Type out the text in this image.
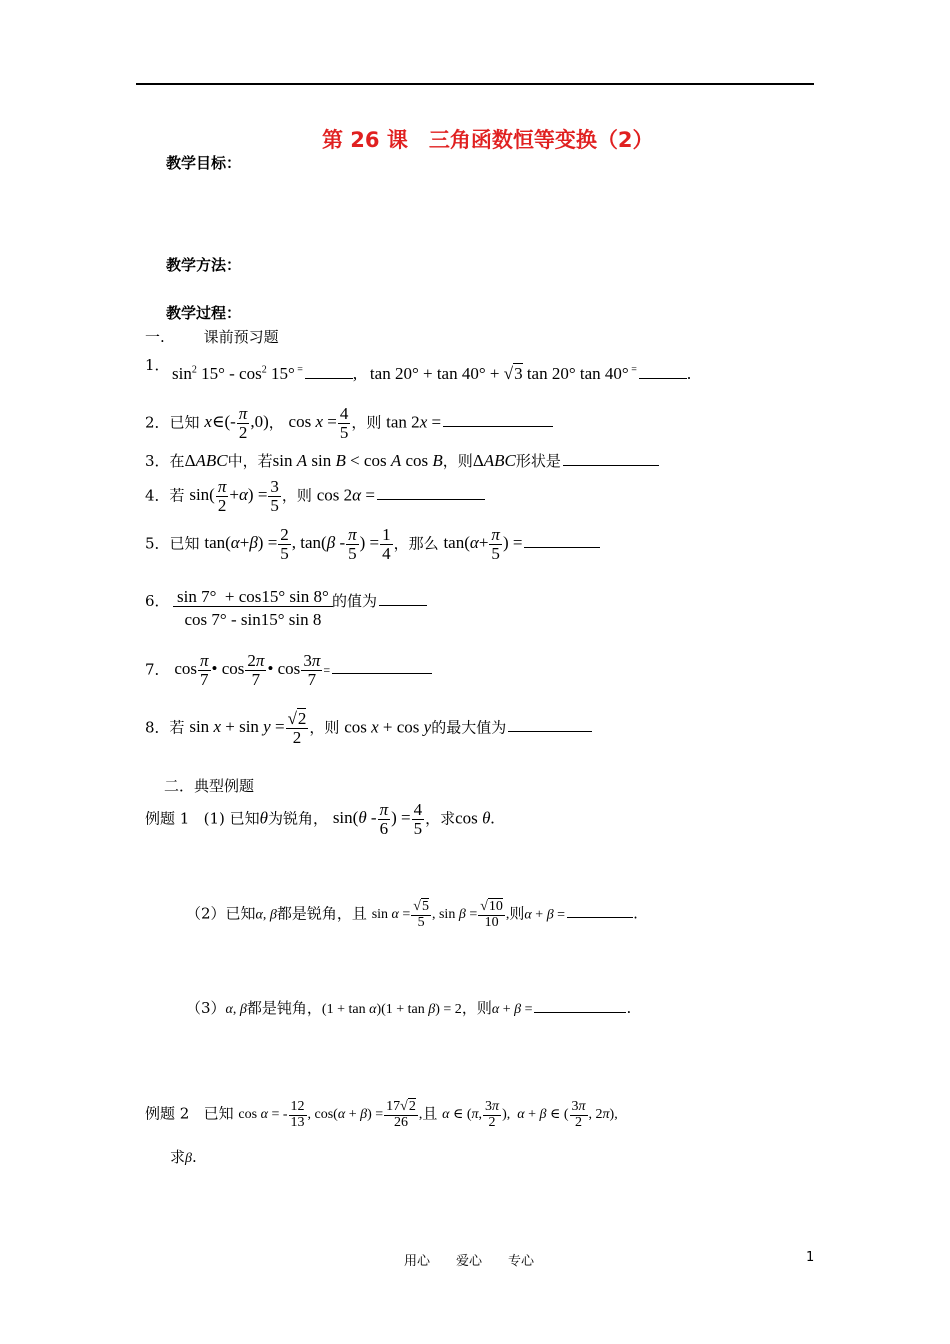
第 26 课　三角函数恒等变换（2）
教学目标：
教学方法：
教学过程：
一.	课前预习题
1． $\sin^2 15^\circ - \cos^2 15^\circ$ =	,   tan 20° + tan 40° + √3 tan 20° tan 40° =	.
2．已知 x∈(- $\frac{\pi}{2} ,0$)， $\cos x = \frac{4}{5}$ ，则 tan 2x =
3．在ΔABC中，若sin A sin B < cos A cos B，则ΔABC形状是
4．若 $\sin( \frac{\pi}{2} +\alpha) = \frac{3}{5}$ ，则 cos 2α =
5．已知 $\tan(\alpha+\beta) = \frac{2}{5}$ , $\tan(\beta - \frac{\pi}{5}$ ) = $\frac{1}{4}$ ，那么 $\tan(\alpha+ \frac{\pi}{5}$ ) =
6． $\frac{\sin 7^\circ + \cos 15^\circ \sin 8^\circ}{\cos 7^\circ - \sin 15^\circ \sin 8}$ 的值为
7． $\cos \frac{\pi}{7}$ • $\cos \frac{2\pi}{7}$ • $\cos \frac{3\pi}{7}$ =
8．若 $\sin x + \sin y = \frac{√2}{2}$ ，则 cos x + cos y的最大值为
二．典型例题
例题 1 (1) 已知θ为锐角， $\sin(\theta - \frac{\pi}{6}$ ) = $\frac{4}{5}$ ，求cos θ.
（2）已知α, β都是锐角，且 $\sin \alpha = \frac{√5}{5}$ , $\sin \beta = \frac{√10}{10}$ ,则α + β =	.
（3）α, β都是钝角，(1 + tan α)(1 + tan β) = 2，则α + β =	.
例题 2 已知 cos α = - $\frac{12}{13}$ , $\cos(\alpha + \beta) = \frac{17√2}{26}$ ,且 α ∈ (π, $\frac{3\pi}{2}$ ),  α + β ∈ ( $\frac{3\pi}{2}$ , 2π),
求β.
用心　　爱心　　专心	1
